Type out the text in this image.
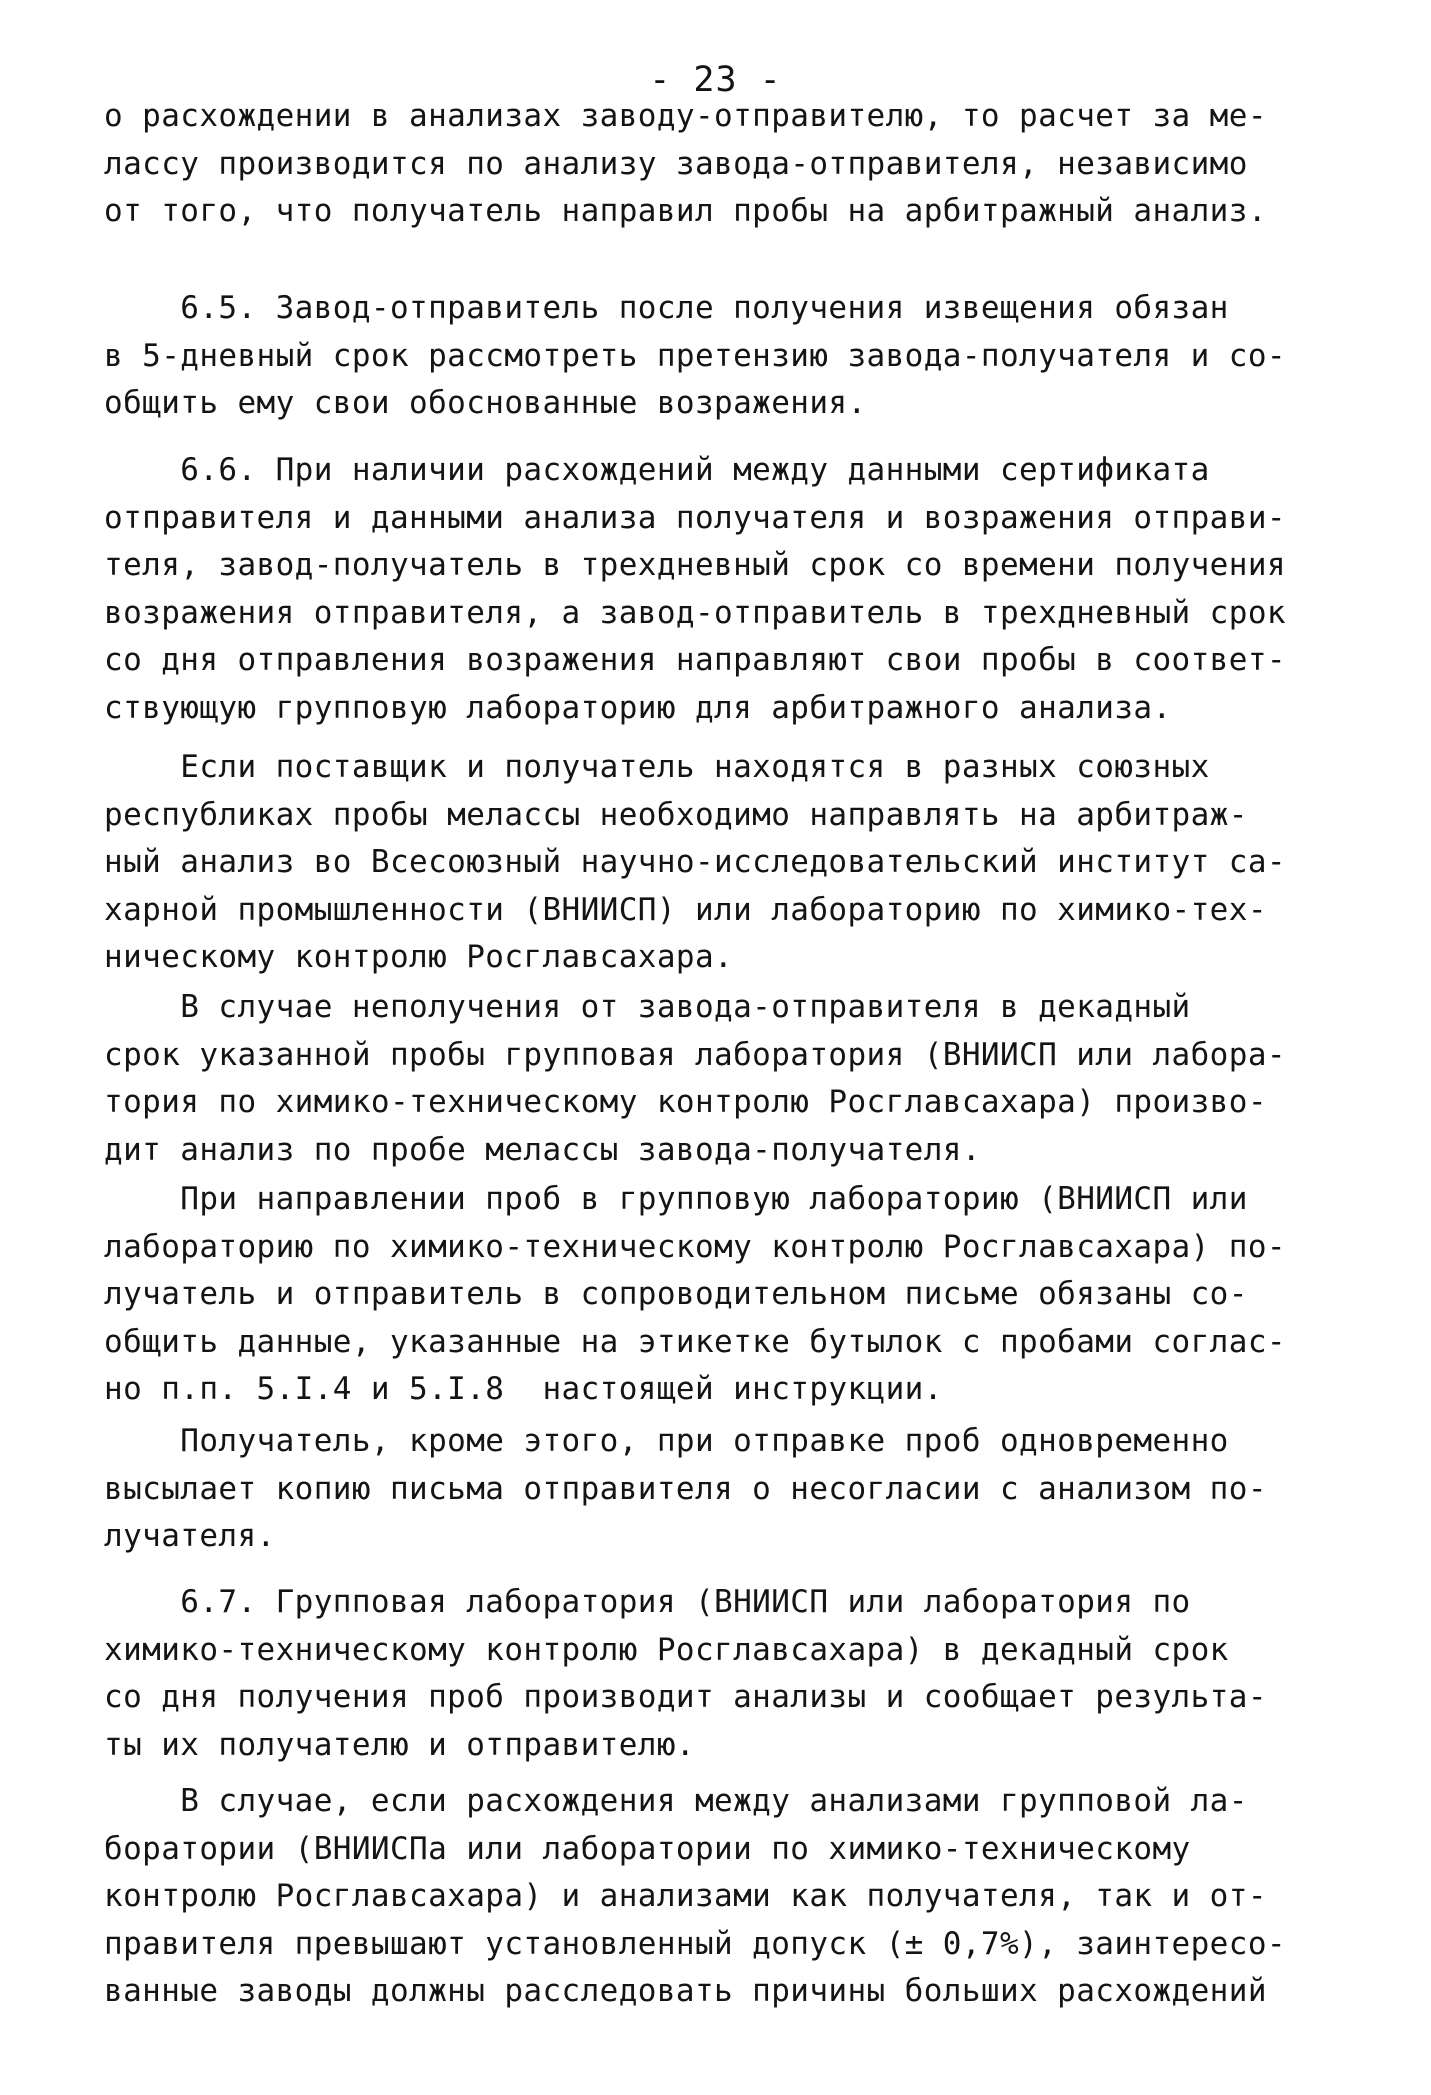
- 23 -
о расхождении в анализах заводу-отправителю, то расчет за ме-
лассу производится по анализу завода-отправителя, независимо
от того, что получатель направил пробы на арбитражный анализ.
6.5. Завод-отправитель после получения извещения обязан
в 5-дневный срок рассмотреть претензию завода-получателя и со-
общить ему свои обоснованные возражения.
6.6. При наличии расхождений между данными сертификата
отправителя и данными анализа получателя и возражения отправи-
теля, завод-получатель в трехдневный срок со времени получения
возражения отправителя, а завод-отправитель в трехдневный срок
со дня отправления возражения направляют свои пробы в соответ-
ствующую групповую лабораторию для арбитражного анализа.
Если поставщик и получатель находятся в разных союзных
республиках пробы мелассы необходимо направлять на арбитраж-
ный анализ во Всесоюзный научно-исследовательский институт са-
харной промышленности (ВНИИСП) или лабораторию по химико-тех-
ническому контролю Росглавсахара.
В случае неполучения от завода-отправителя в декадный
срок указанной пробы групповая лаборатория (ВНИИСП или лабора-
тория по химико-техническому контролю Росглавсахара) произво-
дит анализ по пробе мелассы завода-получателя.
При направлении проб в групповую лабораторию (ВНИИСП или
лабораторию по химико-техническому контролю Росглавсахара) по-
лучатель и отправитель в сопроводительном письме обязаны со-
общить данные, указанные на этикетке бутылок с пробами соглас-
но п.п. 5.I.4 и 5.I.8  настоящей инструкции.
Получатель, кроме этого, при отправке проб одновременно
высылает копию письма отправителя о несогласии с анализом по-
лучателя.
6.7. Групповая лаборатория (ВНИИСП или лаборатория по
химико-техническому контролю Росглавсахара) в декадный срок
со дня получения проб производит анализы и сообщает результа-
ты их получателю и отправителю.
В случае, если расхождения между анализами групповой ла-
боратории (ВНИИСПа или лаборатории по химико-техническому
контролю Росглавсахара) и анализами как получателя, так и от-
правителя превышают установленный допуск (± 0,7%), заинтересо-
ванные заводы должны расследовать причины больших расхождений
